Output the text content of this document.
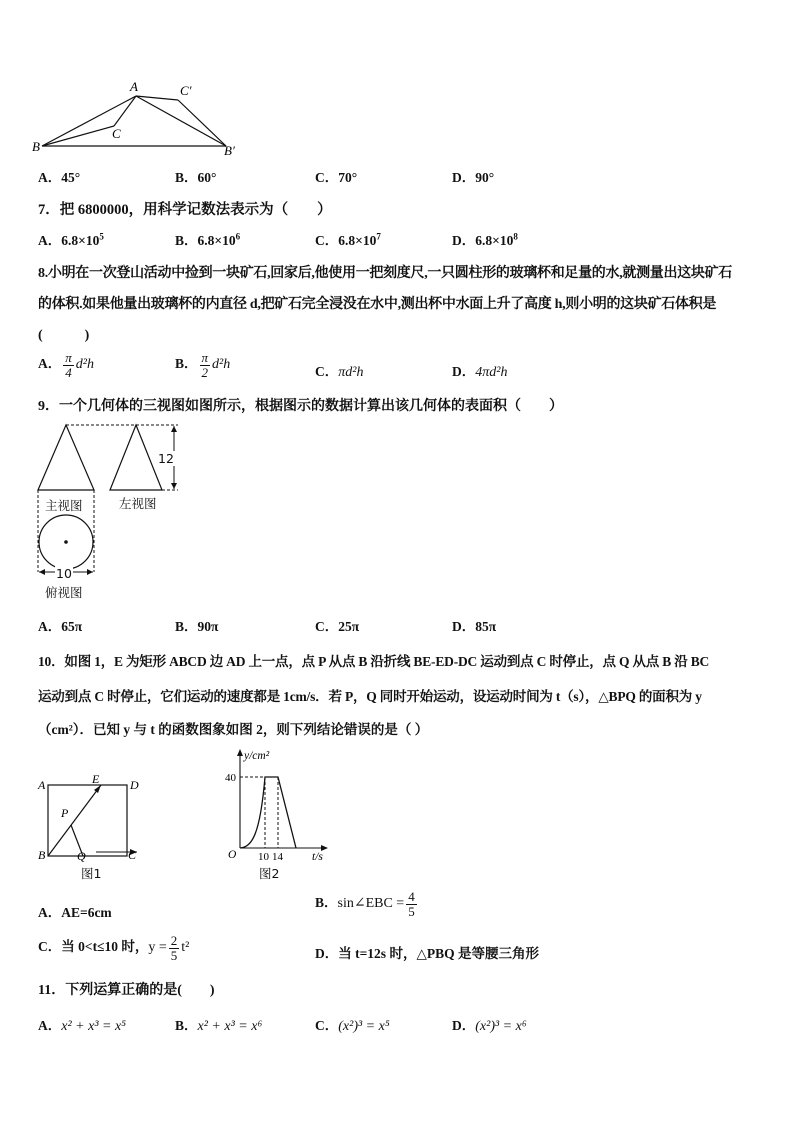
A
B
C
B′
C′
A．45°	B．60°	C．70°	D．90°
7．把 6800000，用科学记数法表示为（　　）
A．$6.8\times 10^5$	B．$6.8\times 10^6$	C．$6.8\times 10^7$	D．$6.8\times 10^8$
8.小明在一次登山活动中捡到一块矿石,回家后,他使用一把刻度尺,一只圆柱形的玻璃杯和足量的水,就测量出这块矿石
的体积.如果他量出玻璃杯的内直径 d,把矿石完全浸没在水中,测出杯中水面上升了高度 h,则小明的这块矿石体积是
(　　　)
A． $\frac{\pi}{4} d^2h$	B． $\frac{\pi}{2} d^2h$	C．πd²h	D．4πd²h
9．一个几何体的三视图如图所示，根据图示的数据计算出该几何体的表面积（　　）
12
主视图	左视图
10
俯视图
A．65π	B．90π	C．25π	D．85π
10．如图 1，E 为矩形 ABCD 边 AD 上一点，点 P 从点 B 沿折线 BE-ED-DC 运动到点 C 时停止，点 Q 从点 B 沿 BC
运动到点 C 时停止，它们运动的速度都是 1cm/s．若 P，Q 同时开始运动，设运动时间为 t（s），△BPQ 的面积为 y
（cm²）．已知 y 与 t 的函数图象如图 2，则下列结论错误的是（ ）
A	D
E
P
B	Q	C
图1
y/cm²
40
O 10 14	t/s
图2
A．AE=6cm
B．sin∠EBC = $\frac{4}{5}$
C．当 0<t≤10 时，$y = \frac{2}{5} t^2$	D．当 t=12s 时，△PBQ 是等腰三角形
11．下列运算正确的是(　　)
A．x² + x³ = x⁵	B．x² + x³ = x⁶	C．(x²)³ = x⁵	D．(x²)³ = x⁶
